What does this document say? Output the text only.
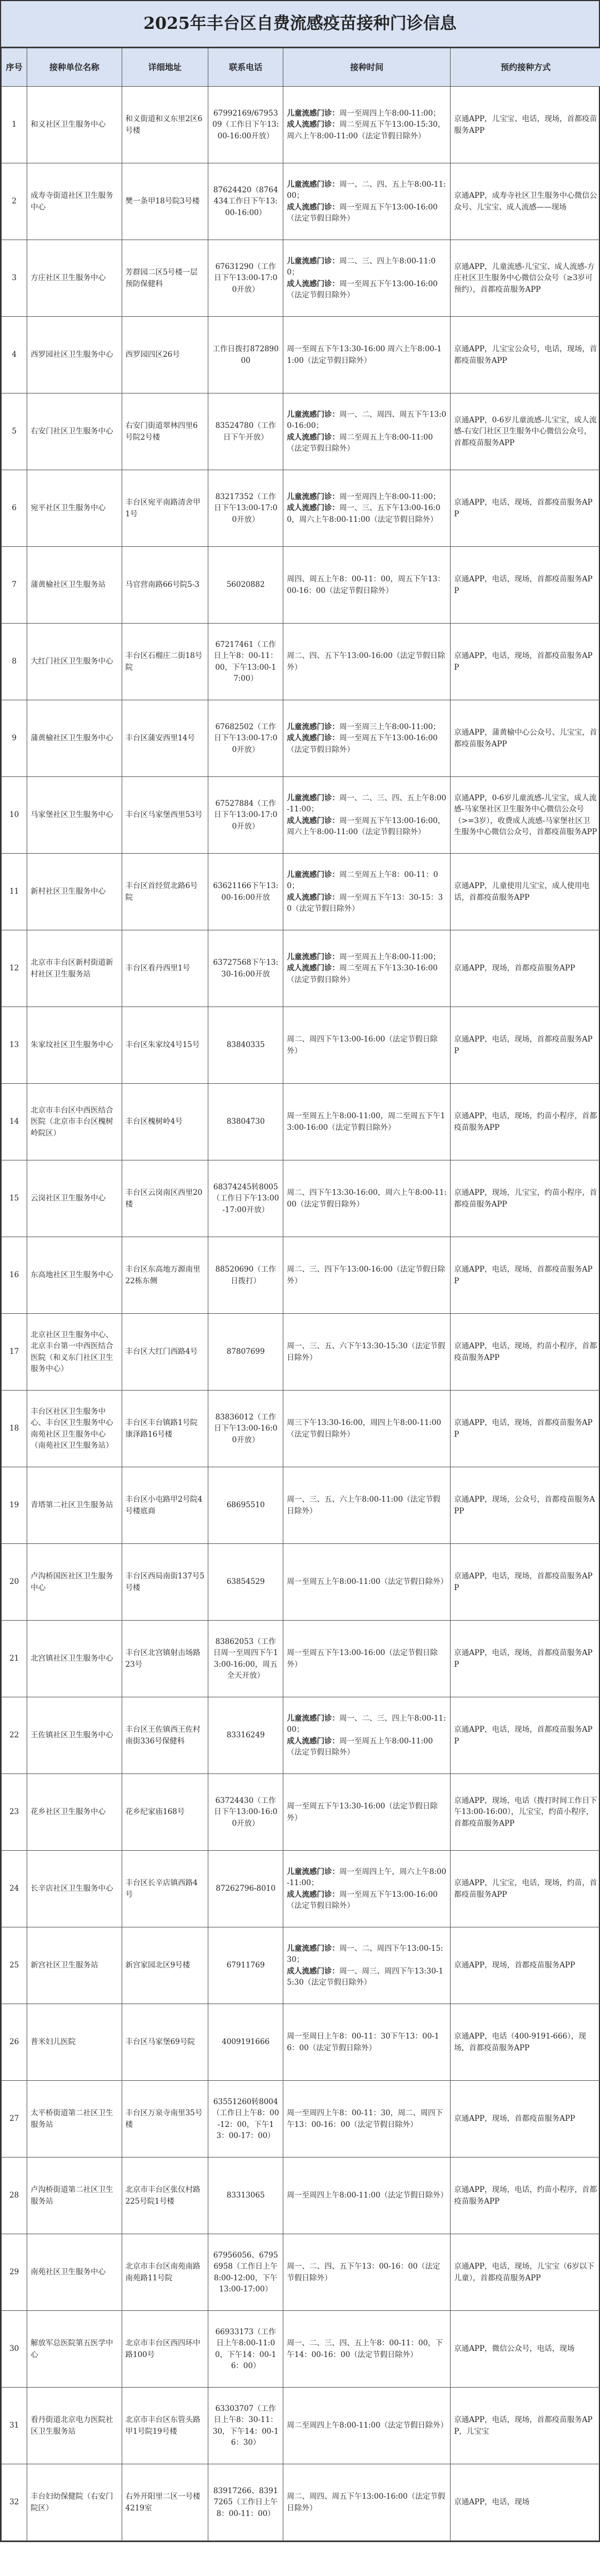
2025年丰台区自费流感疫苗接种门诊信息
序号	接种单位名称	详细地址	联系电话	接种时间	预约接种方式
1	和义社区卫生服务中心	和义街道和义东里2区6号楼	67992169/6795309（工作日下午13:00-16:00开放）	儿童流感门诊：周一至周四上午8:00-11:00；
成人流感门诊：周二至周五下午13:00-15:30，周六上午8:00-11:00（法定节假日除外）	京通APP，儿宝宝、电话，现场，首都疫苗服务APP
2	成寿寺街道社区卫生服务中心	樊一条甲18号院3号楼	87624420（8764434工作日下午13:00-16:00）	儿童流感门诊：周一、二、四、五上午8:00-11:00；
成人流感门诊：周一至周五下午13:00-16:00（法定节假日除外）	京通APP，成寿寺社区卫生服务中心微信公众号、儿宝宝、成人流感——现场
3	方庄社区卫生服务中心	芳群园二区5号楼一层预防保健科	67631290（工作日下午13:00-17:00开放）	儿童流感门诊：周二、三、四上午8:00-11:00；
成人流感门诊：周一至周五下午13:00-16:00（法定节假日除外）	京通APP，儿童流感-儿宝宝、成人流感-方庄社区卫生服务中心微信公众号（≥3岁可预约），首都疫苗服务APP
4	西罗园社区卫生服务中心	西罗园四区26号	工作日拨打87289000	周一至周五下午13:30-16:00 周六上午8:00-11:00（法定节假日除外）	京通APP，儿宝宝公众号，电话，现场，首都疫苗服务APP
5	右安门社区卫生服务中心	右安门街道翠林四里6号院2号楼	83524780（工作日下午开放）	儿童流感门诊：周一、二、周四、周五下午13:00-16:00；
成人流感门诊：周二至周五上午8:00-11:00（法定节假日除外）	京通APP，0-6岁儿童流感-儿宝宝，成人流感-右安门社区卫生服务中心微信公众号，首都疫苗服务APP
6	宛平社区卫生服务中心	丰台区宛平南路清舍甲1号	83217352（工作日下午13:00-17:00开放）	儿童流感门诊：周一至周四上午8:00-11:00；
成人流感门诊：周一、三、五下午13:00-16:00，周六上午8:00-11:00（法定节假日除外）	京通APP，电话，现场，首都疫苗服务APP
7	蒲黄榆社区卫生服务站	马官营南路66号院5-3	56020882	周四、周五上午8：00-11：00，周五下午13：00-16：00（法定节假日除外）	京通APP，电话，现场，首都疫苗服务APP
8	大红门社区卫生服务中心	丰台区石榴庄二街18号院	67217461（工作日上午8：00-11：00，下午13:00-17:00）	周二、四、五下午13:00-16:00（法定节假日除外）	京通APP，电话，现场，首都疫苗服务APP
9	蒲黄榆社区卫生服务中心	丰台区蒲安西里14号	67682502（工作日下午13:00-17:00开放）	儿童流感门诊：周一至周三上午8:00-11:00；
成人流感门诊：周一至周五下午13:00-16:00（法定节假日除外）	京通APP，蒲黄榆中心公众号、儿宝宝，首都疫苗服务APP
10	马家堡社区卫生服务中心	丰台区马家堡西里53号	67527884（工作日下午13:00-17:00开放）	儿童流感门诊：周一、二、三、四、五上午8:00-11:00；
成人流感门诊：周一至周五下午13:00-16:00，周六上午8:00-11:00（法定节假日除外）	京通APP，0-6岁儿童流感-儿宝宝，成人流感-马家堡社区卫生服务中心微信公众号（>=3岁），收费成人流感-马家堡社区卫生服务中心微信公众号，首都疫苗服务APP
11	新村社区卫生服务中心	丰台区首经贸北路6号院	63621166下午13:00-16:00开放	儿童流感门诊：周二至周五上午8：00-11：00；
成人流感门诊：周一至周五下午13：30-15：30（法定节假日除外）	京通APP，儿童使用儿宝宝，成人使用电话，首都疫苗服务APP
12	北京市丰台区新村街道新村社区卫生服务站	丰台区看丹西里1号	63727568下午13:30-16:00开放	儿童流感门诊：周一至周五上午8:00-11:00；
成人流感门诊：周二至周五下午13:30-16:00（法定节假日除外）	京通APP，现场，首都疫苗服务APP
13	朱家坟社区卫生服务中心	丰台区朱家坟4号15号	83840335	周二、周四下午13:00-16:00（法定节假日除外）	京通APP，电话，现场，首都疫苗服务APP
14	北京市丰台区中西医结合医院（北京市丰台区槐树岭院区）	丰台区槐树岭4号	83804730	周一至周五上午8:00-11:00，周二至周五下午13:00-16:00（法定节假日除外）	京通APP，电话，现场，约苗小程序，首都疫苗服务APP
15	云岗社区卫生服务中心	丰台区云岗南区西里20楼	68374245转8005（工作日下午13:00-17:00开放）	周二、四下午13:30-16:00，周六上午8:00-11:00（法定节假日除外）	京通APP，现场，儿宝宝，约苗小程序，首都疫苗服务APP
16	东高地社区卫生服务中心	丰台区东高地万源南里22栋东侧	88520690（工作日拨打）	周二、三、四下午13:00-16:00（法定节假日除外）	京通APP，电话，现场，首都疫苗服务APP
17	北京社区卫生服务中心、北京丰台第一中西医结合医院（和义东门社区卫生服务中心）	丰台区大红门西路4号	87807699	周一、三、五、六下午13:30-15:30（法定节假日除外）	京通APP，电话，现场，约苗小程序，首都疫苗服务APP
18	丰台区社区卫生服务中心、丰台区卫生服务中心南苑社区卫生服务中心（南苑社区卫生服务站）	丰台区丰台镇路1号院康泽路16号楼	83836012（工作日下午13:00-16:00开放）	周三下午13:30-16:00，周四上午8:00-11:00（法定节假日除外）	京通APP，电话，现场，首都疫苗服务APP
19	青塔第二社区卫生服务站	丰台区小屯路甲2号院4号楼底商	68695510	周一、三、五、六上午8:00-11:00（法定节假日除外）	京通APP，现场，公众号，首都疫苗服务APP
20	卢沟桥国医社区卫生服务中心	丰台区西局南街137号5号楼	63854529	周一至周五上午8:00-11:00（法定节假日除外）	京通APP，电话，现场，首都疫苗服务APP
21	北宫镇社区卫生服务中心	丰台区北宫镇射击场路23号	83862053（工作日周一至周四下午13:00-16:00，周五全天开放）	周一至周五下午13:00-16:00（法定节假日除外）	京通APP，电话，现场，首都疫苗服务APP
22	王佐镇社区卫生服务中心	丰台区王佐镇西王佐村南街336号保健科	83316249	儿童流感门诊：周一、二、三、四上午8:00-11:00；
成人流感门诊：周一至周五上午8:00-11:00（法定节假日除外）	京通APP，电话，现场，首都疫苗服务APP
23	花乡社区卫生服务中心	花乡纪家庙168号	63724430（工作日下午13:00-16:00开放）	周一至周五下午13:30-16:00（法定节假日除外）	京通APP，现场，电话（拨打时间工作日下午13:00-16:00），儿宝宝，约苗小程序，首都疫苗服务APP
24	长辛店社区卫生服务中心	丰台区长辛店镇西路4号	87262796-8010	儿童流感门诊：周一至周四上午，周六上午8:00-11:00；
成人流感门诊：周一至周五下午13:00-16:00（法定节假日除外）	京通APP，儿宝宝，电话，现场，约苗，首都疫苗服务APP
25	新宫社区卫生服务站	新宫家园北区9号楼	67911769	儿童流感门诊：周一、二、周四下午13:00-15:30；
成人流感门诊：周一、周三、周四下午13:30-15:30（法定节假日除外）	京通APP，现场，首都疫苗服务APP
26	普米妇儿医院	丰台区马家堡69号院	4009191666	周一至周日上午8：00-11：30下午13：00-16：00（法定节假日除外）	京通APP，电话（400-9191-666），现场，首都疫苗服务APP
27	太平桥街道第二社区卫生服务站	丰台区万泉寺南里35号楼	63551260转8004（工作日上午8：00-12：00，下午13：00-17：00）	周一至周四上午8：00-11：30，周二、周四下午13：00-16：00（法定节假日除外）	京通APP，现场，首都疫苗服务APP
28	卢沟桥街道第二社区卫生服务站	北京市丰台区张仪村路225号院1号楼	83313065	周一至周四上午8:00-11:00（法定节假日除外）	京通APP，现场，电话，约苗小程序，首都疫苗服务APP
29	南苑社区卫生服务中心	北京市丰台区南苑南路南苑路11号院	67956056、67956958（工作日上午8:00-12:00，下午13:00-17:00）	周一、二、四、五下午13：00-16：00（法定节假日除外）	京通APP，电话，现场，儿宝宝（6岁以下儿童），首都疫苗服务APP
30	解放军总医院第五医学中心	北京市丰台区西四环中路100号	66933173（工作日上午8:00-11:00，下午14：00-16：00）	周一、二、三、四、五上午8：00-11：00，下午14：00-16：00（法定节假日除外）	京通APP，微信公众号，电话，现场
31	看丹街道北京电力医院社区卫生服务站	北京市丰台区东管头路甲1号院19号楼	63303707（工作日上午8：30-11：30，下午14：00-16：30）	周二至周四上午8:00-11:00（法定节假日除外）	京通APP，电话，现场，首都疫苗服务APP，儿宝宝
32	丰台妇幼保健院（右安门院区）	右外开阳里二区一号楼4219室	83917266、83917265（工作日上午8：00-11：00）	周二、周四、周五下午13:00-16:00（法定节假日除外）	京通APP，电话，现场
